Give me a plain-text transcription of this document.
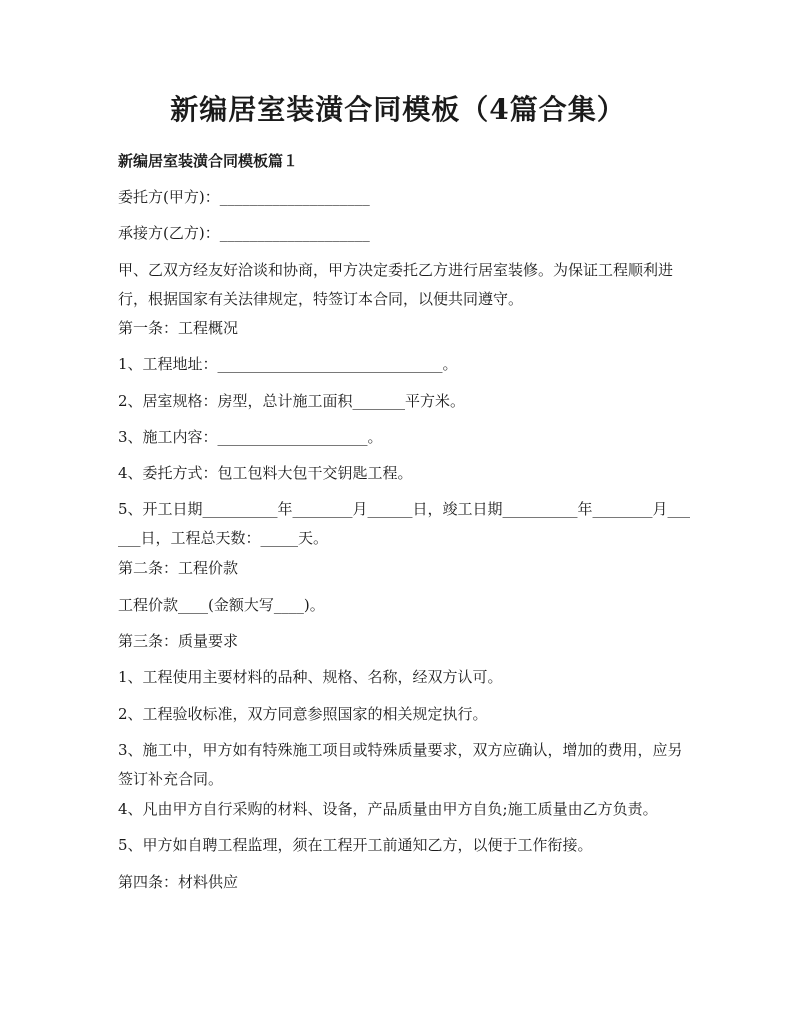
新编居室装潢合同模板（4篇合集）
新编居室装潢合同模板篇１
委托方(甲方)：____________________
承接方(乙方)：____________________
甲、乙双方经友好洽谈和协商，甲方决定委托乙方进行居室装修。为保证工程顺利进行，根据国家有关法律规定，特签订本合同，以便共同遵守。
第一条：工程概况
1、工程地址：______________________________。
2、居室规格：房型，总计施工面积_______平方米。
3、施工内容：____________________。
4、委托方式：包工包料大包干交钥匙工程。
5、开工日期__________年________月______日，竣工日期__________年________月______日，工程总天数：_____天。
第二条：工程价款
工程价款____(金额大写____)。
第三条：质量要求
1、工程使用主要材料的品种、规格、名称，经双方认可。
2、工程验收标准，双方同意参照国家的相关规定执行。
3、施工中，甲方如有特殊施工项目或特殊质量要求，双方应确认，增加的费用，应另签订补充合同。
4、凡由甲方自行采购的材料、设备，产品质量由甲方自负;施工质量由乙方负责。
5、甲方如自聘工程监理，须在工程开工前通知乙方，以便于工作衔接。
第四条：材料供应
